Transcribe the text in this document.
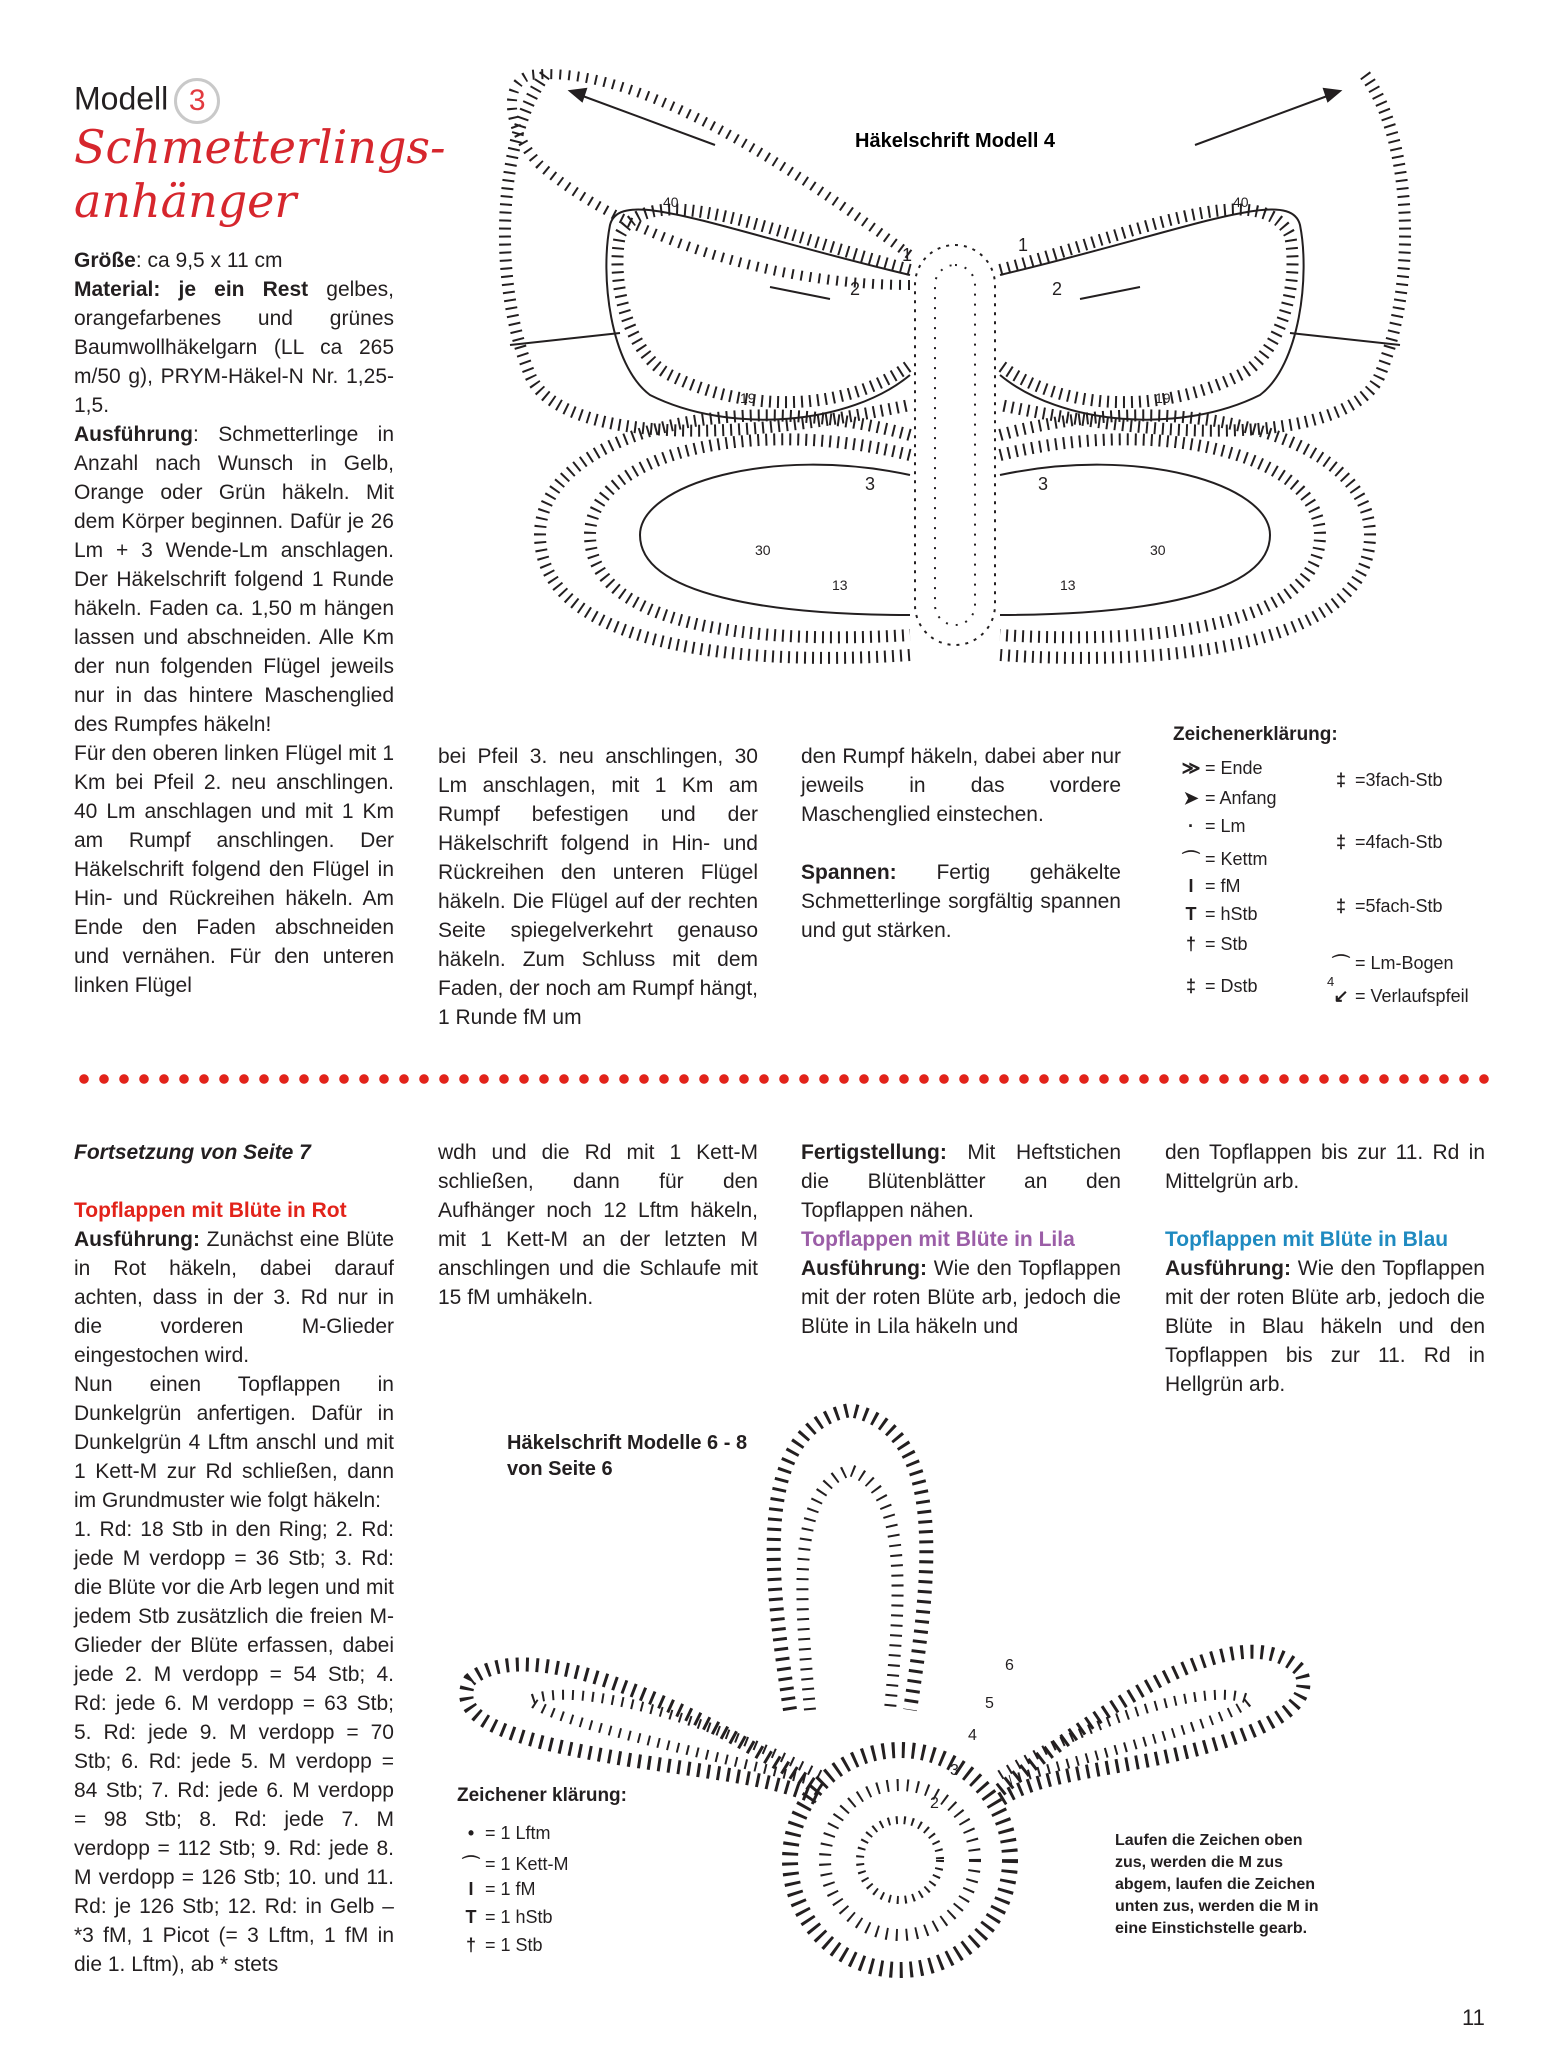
Modell 3
Schmetterlings-
anhänger

Größe: ca 9,5 x 11 cm

Material: je ein Rest gelbes, orangefarbenes und grünes Baumwollhäkelgarn (LL ca 265 m/50 g), PRYM-Häkel-N Nr. 1,25-1,5.

Ausführung: Schmetterlinge in Anzahl nach Wunsch in Gelb, Orange oder Grün häkeln. Mit dem Körper beginnen. Dafür je 26 Lm + 3 Wende-Lm anschlagen. Der Häkelschrift folgend 1 Runde häkeln. Faden ca. 1,50 m hängen lassen und abschneiden. Alle Km der nun folgenden Flügel jeweils nur in das hintere Maschenglied des Rumpfes häkeln!

Für den oberen linken Flügel mit 1 Km bei Pfeil 2. neu anschlingen. 40 Lm anschlagen und mit 1 Km am Rumpf anschlingen. Der Häkelschrift folgend den Flügel in Hin- und Rückreihen häkeln. Am Ende den Faden abschneiden und vernähen. Für den unteren linken Flügel

bei Pfeil 3. neu anschlingen, 30 Lm anschlagen, mit 1 Km am Rumpf befestigen und der Häkelschrift folgend in Hin- und Rückreihen den unteren Flügel häkeln. Die Flügel auf der rechten Seite spiegelverkehrt genauso häkeln. Zum Schluss mit dem Faden, der noch am Rumpf hängt, 1 Runde fM um

den Rumpf häkeln, dabei aber nur jeweils in das vordere Maschenglied einstechen.

Spannen: Fertig gehäkelte Schmetterlinge sorgfältig spannen und gut stärken.

Häkelschrift Modell 4
40	40
19	19
30	30
13	13
1	1
2	2
3	3
Zeichenerklärung:
≫ = Ende
➤ = Anfang
· = Lm
⌒ = Kettm
I = fM
T = hStb
† = Stb
‡ = Dstb
‡ =3fach-Stb
‡ =4fach-Stb
‡ =5fach-Stb
⌒ = Lm-Bogen
4
↙ = Verlaufspfeil

Fortsetzung von Seite 7

Topflappen mit Blüte in Rot

Ausführung: Zunächst eine Blüte in Rot häkeln, dabei darauf achten, dass in der 3. Rd nur in die vorderen M-Glieder eingestochen wird.

Nun einen Topflappen in Dunkelgrün anfertigen. Dafür in Dunkelgrün 4 Lftm anschl und mit 1 Kett-M zur Rd schließen, dann im Grundmuster wie folgt häkeln:

1. Rd: 18 Stb in den Ring; 2. Rd: jede M verdopp = 36 Stb; 3. Rd: die Blüte vor die Arb legen und mit jedem Stb zusätzlich die freien M-Glieder der Blüte erfassen, dabei jede 2. M verdopp = 54 Stb; 4. Rd: jede 6. M verdopp = 63 Stb; 5. Rd: jede 9. M verdopp = 70 Stb; 6. Rd: jede 5. M verdopp = 84 Stb; 7. Rd: jede 6. M verdopp = 98 Stb; 8. Rd: jede 7. M verdopp = 112 Stb; 9. Rd: jede 8. M verdopp = 126 Stb; 10. und 11. Rd: je 126 Stb; 12. Rd: in Gelb – *3 fM, 1 Picot (= 3 Lftm, 1 fM in die 1. Lftm), ab * stets

wdh und die Rd mit 1 Kett-M schließen, dann für den Aufhänger noch 12 Lftm häkeln, mit 1 Kett-M an der letzten M anschlingen und die Schlaufe mit 15 fM umhäkeln.

Fertigstellung: Mit Heftstichen die Blütenblätter an den Topflappen nähen.

Topflappen mit Blüte in Lila

Ausführung: Wie den Topflappen mit der roten Blüte arb, jedoch die Blüte in Lila häkeln und

den Topflappen bis zur 11. Rd in Mittelgrün arb.

Topflappen mit Blüte in Blau

Ausführung: Wie den Topflappen mit der roten Blüte arb, jedoch die Blüte in Blau häkeln und den Topflappen bis zur 11. Rd in Hellgrün arb.

Häkelschrift Modelle 6 - 8
von Seite 6
6
5
4
3
2
Zeichener klärung:
• = 1 Lftm
⌒ = 1 Kett-M
I = 1 fM
T = 1 hStb
† = 1 Stb
Laufen die Zeichen oben zus, werden die M zus abgem, laufen die Zeichen unten zus, werden die M in eine Einstichstelle gearb.
11
